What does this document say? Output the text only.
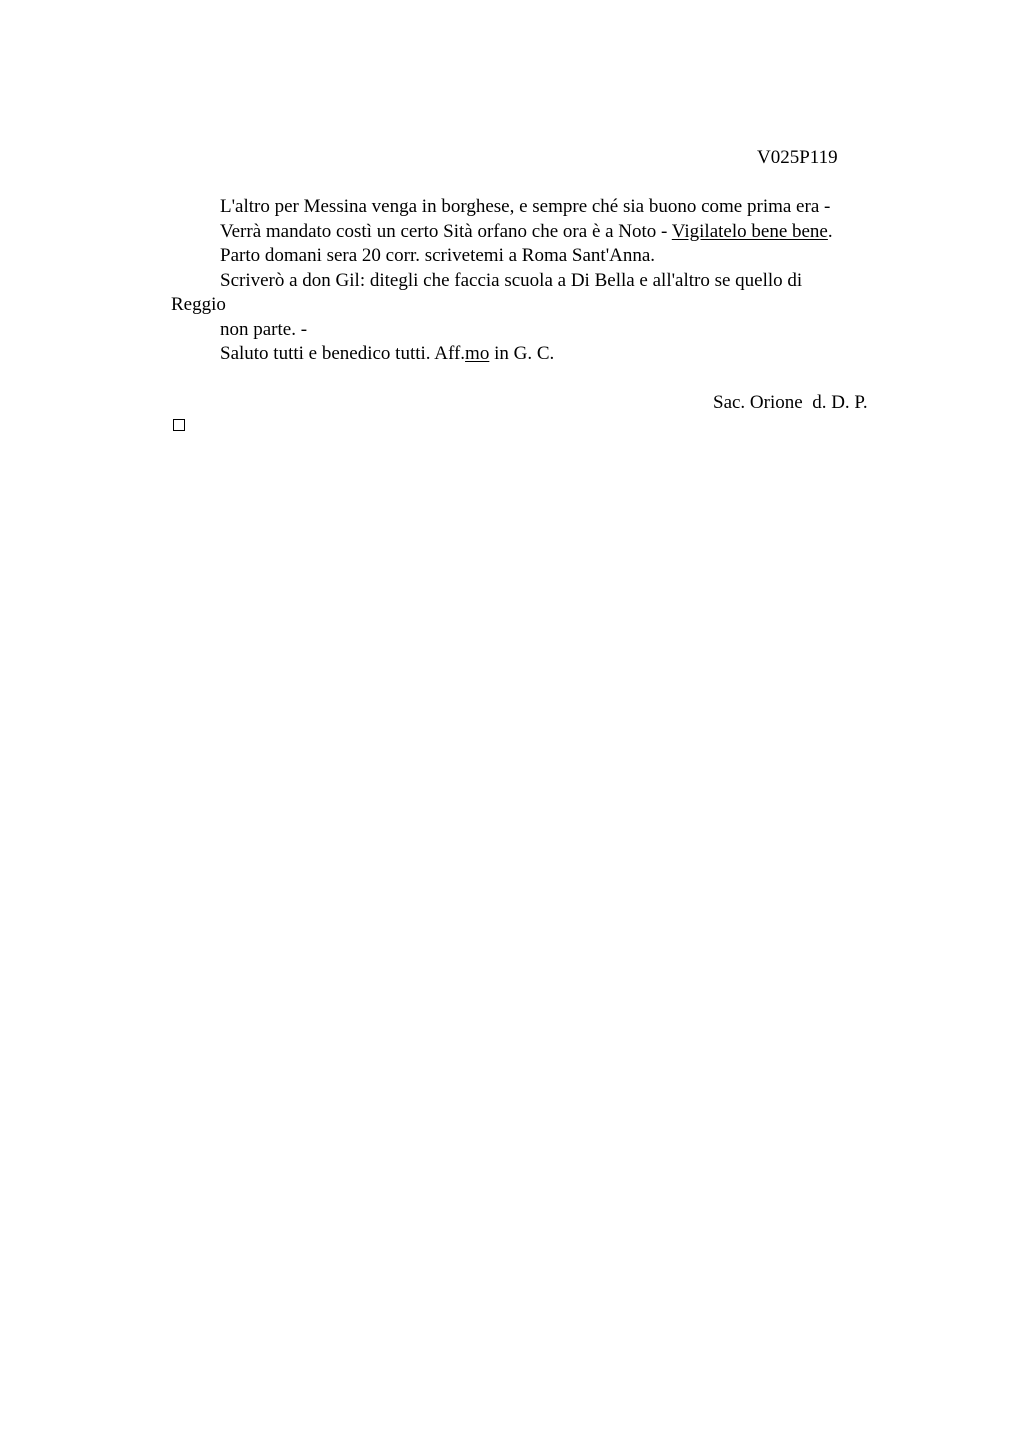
V025P119
L'altro per Messina venga in borghese, e sempre ché sia buono come prima era -
Verrà mandato costì un certo Sità orfano che ora è a Noto - Vigilatelo bene bene.
Parto domani sera 20 corr. scrivetemi a Roma Sant'Anna.
Scriverò a don Gil: ditegli che faccia scuola a Di Bella e all'altro se quello di
Reggio
non parte. -
Saluto tutti e benedico tutti. Aff.mo in G. C.
Sac. Orione  d. D. P.
